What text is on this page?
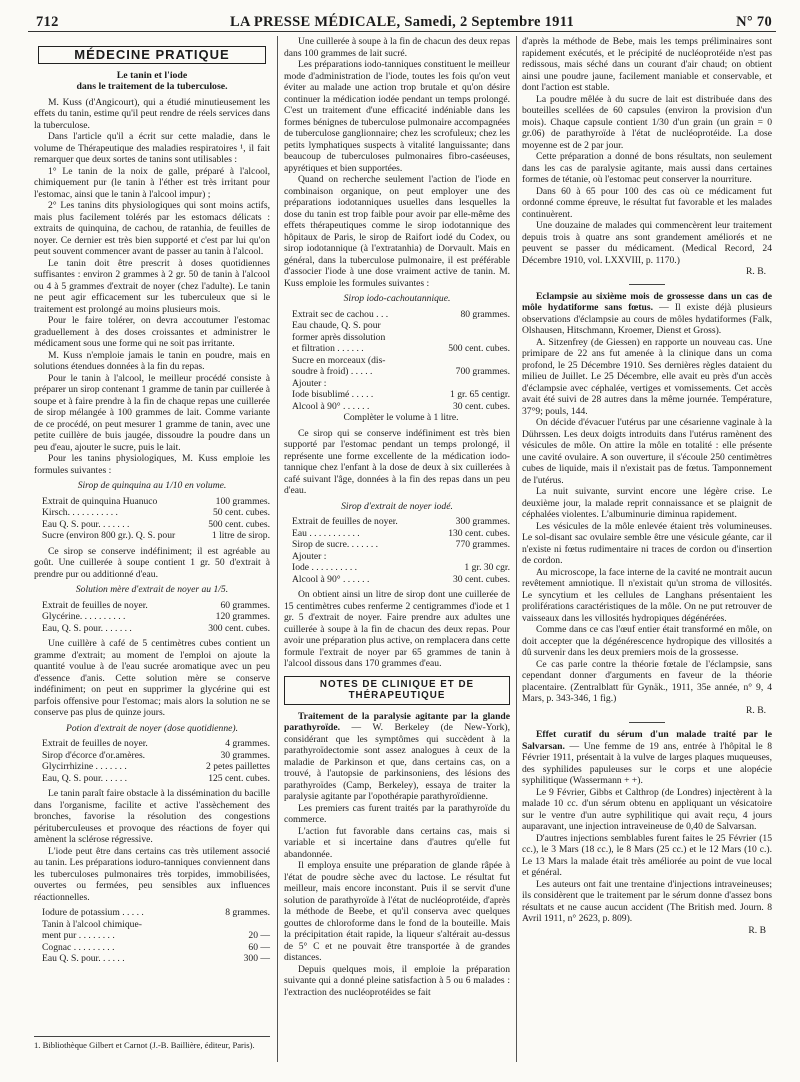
712	LA PRESSE MÉDICALE, Samedi, 2 Septembre 1911	N° 70
MÉDECINE PRATIQUE
Le tanin et l'iode
dans le traitement de la tuberculose.

M. Kuss (d'Angicourt), qui a étudié minutieusement les effets du tanin, estime qu'il peut rendre de réels services dans la tuberculose.

Dans l'article qu'il a écrit sur cette maladie, dans le volume de Thérapeutique des maladies respiratoires ¹, il fait remarquer que deux sortes de tanins sont utilisables :

1° Le tanin de la noix de galle, préparé à l'alcool, chimiquement pur (le tanin à l'éther est très irritant pour l'estomac, ainsi que le tanin à l'alcool impur) ;

2° Les tanins dits physiologiques qui sont moins actifs, mais plus facilement tolérés par les estomacs délicats : extraits de quinquina, de cachou, de ratanhia, de feuilles de noyer. Ce dernier est très bien supporté et c'est par lui qu'on peut souvent commencer avant de passer au tanin à l'alcool.

Le tanin doit être prescrit à doses quotidiennes suffisantes : environ 2 grammes à 2 gr. 50 de tanin à l'alcool ou 4 à 5 grammes d'extrait de noyer (chez l'adulte). Le tanin ne peut agir efficacement sur les tuberculeux que si le traitement est prolongé au moins plusieurs mois.

Pour le faire tolérer, on devra accoutumer l'estomac graduellement à des doses croissantes et administrer le médicament sous une forme qui ne soit pas irritante.

M. Kuss n'emploie jamais le tanin en poudre, mais en solutions étendues données à la fin du repas.

Pour le tanin à l'alcool, le meilleur procédé consiste à préparer un sirop contenant 1 gramme de tanin par cuillerée à soupe et à faire prendre à la fin de chaque repas une cuillerée de sirop mélangée à 100 grammes de lait. Comme variante de ce procédé, on peut mesurer 1 gramme de tanin, avec une petite cuillère de buis jaugée, dissoudre la poudre dans un peu d'eau, ajouter le sucre, puis le lait.

Pour les tanins physiologiques, M. Kuss emploie les formules suivantes :

Sirop de quinquina au 1/10 en volume.

Extrait de quinquina Huanuco	100 grammes.
Kirsch. . . . . . . . . . .	50 cent. cubes.
Eau Q. S. pour. . . . . . .	500 cent. cubes.
Sucre (environ 800 gr.). Q. S. pour	1 litre de sirop.

Ce sirop se conserve indéfiniment; il est agréable au goût. Une cuillerée à soupe contient 1 gr. 50 d'extrait à prendre pur ou additionné d'eau.

Solution mère d'extrait de noyer au 1/5.

Extrait de feuilles de noyer.	60 grammes.
Glycérine. . . . . . . . . .	120 grammes.
Eau, Q. S. pour. . . . . . .	300 cent. cubes.

Une cuillère à café de 5 centimètres cubes contient un gramme d'extrait; au moment de l'emploi on ajoute la quantité voulue à de l'eau sucrée aromatique avec un peu d'essence d'anis. Cette solution mère se conserve indéfiniment; on peut en supprimer la glycérine qui est parfois offensive pour l'estomac; mais alors la solution ne se conserve pas plus de quinze jours.

Potion d'extrait de noyer (dose quotidienne).

Extrait de feuilles de noyer.	4 grammes.
Sirop d'écorce d'or.amères.	30 grammes.
Glycirrhizine . . . . . . .	2 petes paillettes
Eau, Q. S. pour. . . . . .	125 cent. cubes.

Le tanin paraît faire obstacle à la dissémination du bacille dans l'organisme, facilite et active l'assèchement des bronches, favorise la résolution des congestions péritubercuIeuses et provoque des réactions de foyer qui amènent la sclérose régressive.

L'iode peut être dans certains cas très utilement associé au tanin. Les préparations ioduro-tanniques conviennent dans les tuberculoses pulmonaires très torpides, immobilisées, ouvertes ou fermées, peu sensibles aux influences réactionnelles.

Iodure de potassium . . . . .	8 grammes.
Tanin à l'alcool chimique-
ment pur . . . . . . . .	20 —
Cognac . . . . . . . . .	60 —
Eau Q. S. pour. . . . . .	300 —
1. Bibliothèque Gilbert et Carnot (J.-B. Baillière, éditeur, Paris).

Une cuillerée à soupe à la fin de chacun des deux repas dans 100 grammes de lait sucré.

Les préparations iodo-tanniques constituent le meilleur mode d'administration de l'iode, toutes les fois qu'on veut éviter au malade une action trop brutale et qu'on désire continuer la médication iodée pendant un temps prolongé. C'est un traitement d'une efficacité indéniable dans les formes bénignes de tuberculose pulmonaire accompagnées de tuberculose ganglionnaire; chez les scrofuleux; chez les petits lymphatiques suspects à vitalité languissante; dans beaucoup de tuberculoses pulmonaires fibro-caséeuses, apyrétiques et bien supportées.

Quand on recherche seulement l'action de l'iode en combinaison organique, on peut employer une des préparations iodotanniques usuelles dans lesquelles la dose du tanin est trop faible pour avoir par elle-même des effets thérapeutiques comme le sirop iodotannique des hôpitaux de Paris, le sirop de Raifort iodé du Codex, ou sirop iodotannique (à l'extratanhia) de Dorvault. Mais en général, dans la tuberculose pulmonaire, il est préférable d'associer l'iode à une dose vraiment active de tanin. M. Kuss emploie les formules suivantes :

Sirop iodo-cachoutannique.

Extrait sec de cachou . . .	80 grammes.
Eau chaude, Q. S. pour
former après dissolution
et filtration . . . . . .	500 cent. cubes.
Sucre en morceaux (dis-
soudre à froid) . . . . .	700 grammes.
Ajouter :
Iode bisublimé . . . . .	1 gr. 65 centigr.
Alcool à 90° . . . . . .	30 cent. cubes.
Complèter le volume à 1 litre.

Ce sirop qui se conserve indéfiniment est très bien supporté par l'estomac pendant un temps prolongé, il représente une forme excellente de la médication iodo-tannique chez l'enfant à la dose de deux à six cuillerées à café suivant l'âge, données à la fin des repas dans un peu d'eau.

Sirop d'extrait de noyer iodé.

Extrait de feuilles de noyer.	300 grammes.
Eau . . . . . . . . . . .	130 cent. cubes.
Sirop de sucre. . . . . . .	770 grammes.
Ajouter :
Iode . . . . . . . . . .	1 gr. 30 cgr.
Alcool à 90° . . . . . .	30 cent. cubes.

On obtient ainsi un litre de sirop dont une cuillerée de 15 centimètres cubes renferme 2 centigrammes d'iode et 1 gr. 5 d'extrait de noyer. Faire prendre aux adultes une cuillerée à soupe à la fin de chacun des deux repas. Pour avoir une préparation plus active, on remplacera dans cette formule l'extrait de noyer par 65 grammes de tanin à l'alcool dissous dans 170 grammes d'eau.

NOTES DE CLINIQUE ET DE THÉRAPEUTIQUE

Traitement de la paralysie agitante par la glande parathyroïde. — W. Berkeley (de New-York), considérant que les symptômes qui succèdent à la parathyroïdectomie sont assez analogues à ceux de la maladie de Parkinson et que, dans certains cas, on a trouvé, à l'autopsie de parkinsoniens, des lésions des parathyroïdes (Camp, Berkeley), essaya de traiter la paralysie agitante par l'opothérapie parathyroïdienne.

Les premiers cas furent traités par la parathyroïde du commerce.

L'action fut favorable dans certains cas, mais si variable et si incertaine dans d'autres qu'elle fut abandonnée.

Il employa ensuite une préparation de glande râpée à l'état de poudre sèche avec du lactose. Le résultat fut meilleur, mais encore inconstant. Puis il se servit d'une solution de parathyroïde à l'état de nucléoprotéide, d'après la méthode de Beebe, et qu'il conserva avec quelques gouttes de chloroforme dans le fond de la bouteille. Mais la précipitation était rapide, la liqueur s'altérait au-dessus de 5° C et ne pouvait être transportée à de grandes distances.

Depuis quelques mois, il emploie la préparation suivante qui a donné pleine satisfaction à 5 ou 6 malades : l'extraction des nucléoprotéides se fait

d'après la méthode de Bebe, mais les temps préliminaires sont rapidement exécutés, et le précipité de nucléoprotéide n'est pas redissous, mais séché dans un courant d'air chaud; on obtient ainsi une poudre jaune, facilement maniable et conservable, et dont l'action est stable.

La poudre mêlée à du sucre de lait est distribuée dans des bouteilles scellées de 60 capsules (environ la provision d'un mois). Chaque capsule contient 1/30 d'un grain (un grain = 0 gr.06) de parathyroïde à l'état de nucléoprotéide. La dose moyenne est de 2 par jour.

Cette préparation a donné de bons résultats, non seulement dans les cas de paralysie agitante, mais aussi dans certaines formes de tétanie, où l'estomac peut conserver la nourriture.

Dans 60 à 65 pour 100 des cas où ce médicament fut ordonné comme épreuve, le résultat fut favorable et les malades continuèrent.

Une douzaine de malades qui commencèrent leur traitement depuis trois à quatre ans sont grandement améliorés et ne peuvent se passer du médicament. (Medical Record, 24 Décembre 1910, vol. LXXVIII, p. 1170.)

R. B.

Eclampsie au sixième mois de grossesse dans un cas de môle hydatiforme sans fœtus. — Il existe déjà plusieurs observations d'éclampsie au cours de môles hydatiformes (Falk, Olshausen, Hitschmann, Kroemer, Dienst et Gross).

A. Sitzenfrey (de Giessen) en rapporte un nouveau cas. Une primipare de 22 ans fut amenée à la clinique dans un coma profond, le 25 Décembre 1910. Ses dernières règles dataient du milieu de Juillet. Le 25 Décembre, elle avait eu près d'un accès d'éclampsie avec céphalée, vertiges et vomissements. Cet accès avait été suivi de 28 autres dans la même journée. Température, 37°9; pouls, 144.

On décide d'évacuer l'utérus par une césarienne vaginale à la Dührssen. Les deux doigts introduits dans l'utérus ramènent des vésicules de môle. On attire la môle en totalité : elle présente une cavité ovulaire. A son ouverture, il s'écoule 250 centimètres cubes de liquide, mais il n'existait pas de fœtus. Tamponnement de l'utérus.

La nuit suivante, survint encore une légère crise. Le deuxième jour, la malade reprit connaissance et se plaignit de céphalées violentes. L'albuminurie diminua rapidement.

Les vésicules de la môle enlevée étaient très volumineuses. Le sol-disant sac ovulaire semble être une vésicule géante, car il n'existe ni fœtus rudimentaire ni traces de cordon ou d'insertion de cordon.

Au microscope, la face interne de la cavité ne montrait aucun revêtement amniotique. Il n'existait qu'un stroma de villosités. Le syncytium et les cellules de Langhans présentaient les proliférations caractéristiques de la môle. On ne put retrouver de vaisseaux dans les villosités hydropiques dégénérées.

Comme dans ce cas l'œuf entier était transformé en môle, on doit accepter que la dégénérescence hydropique des villosités a dû survenir dans les deux premiers mois de la grossesse.

Ce cas parle contre la théorie fœtale de l'éclampsie, sans cependant donner d'arguments en faveur de la théorie placentaire. (Zentralblatt für Gynäk., 1911, 35e année, n° 9, 4 Mars, p. 343-346, 1 fig.)

R. B.

Effet curatif du sérum d'un malade traité par le Salvarsan. — Une femme de 19 ans, entrée à l'hôpital le 8 Février 1911, présentait à la vulve de larges plaques muqueuses, des syphilides papuleuses sur le corps et une alopécie syphilitique (Wassermann + +).

Le 9 Février, Gibbs et Calthrop (de Londres) injectèrent à la malade 10 cc. d'un sérum obtenu en appliquant un vésicatoire sur le ventre d'un autre syphilitique qui avait reçu, 4 jours auparavant, une injection intraveineuse de 0,40 de Salvarsan.

D'autres injections semblables furent faites le 25 Février (15 cc.), le 3 Mars (18 cc.), le 8 Mars (25 cc.) et le 12 Mars (10 c.). Le 13 Mars la malade était très améliorée au point de vue local et général.

Les auteurs ont fait une trentaine d'injections intraveineuses; ils considèrent que le traitement par le sérum donne d'assez bons résultats et ne cause aucun accident (The British med. Journ. 8 Avril 1911, n° 2623, p. 809).

R. B
